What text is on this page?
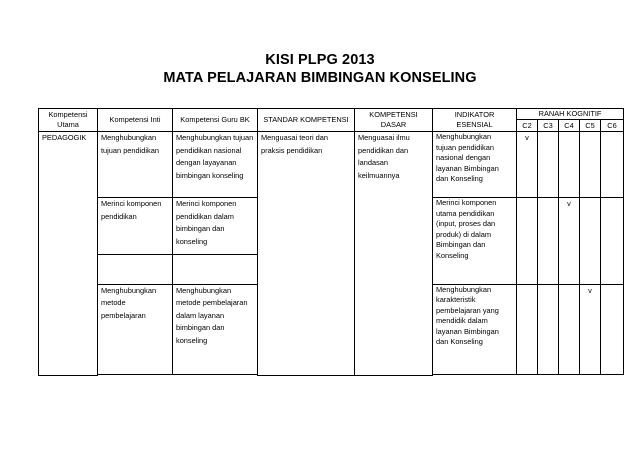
KISI PLPG 2013
MATA PELAJARAN BIMBINGAN KONSELING
Kompetensi Utama	Kompetensi Inti	Kompetensi Guru BK	STANDAR KOMPETENSI	KOMPETENSI DASAR	INDIKATOR ESENSIAL	RANAH KOGNITIF				
						C2	C3	C4	C5	C6
PEDAGOGIK	Menghubungkan tujuan pendidikan	Menghubungkan tujuan pendidikan nasional dengan layayanan bimbingan konseling	Menguasai teori dan praksis pendidikan	Menguasai ilmu pendidikan dan landasan keilmuannya	Menghubungkan tujuan pendidikan nasional dengan layanan Bimbingan dan Konseling	v				
	Merinci komponen pendidikan	Merinci komponen pendidikan dalam bimbingan dan konseling			Merinci komponen utama pendidikan (input, proses dan produk) di dalam Bimbingan dan Konseling			v		

	Menghubungkan metode pembelajaran	Menghubungkan metode pembelajaran dalam layanan bimbingan dan konseling			Menghubungkan karakteristik pembelajaran yang mendidik dalam layanan Bimbingan dan Konseling				v	
